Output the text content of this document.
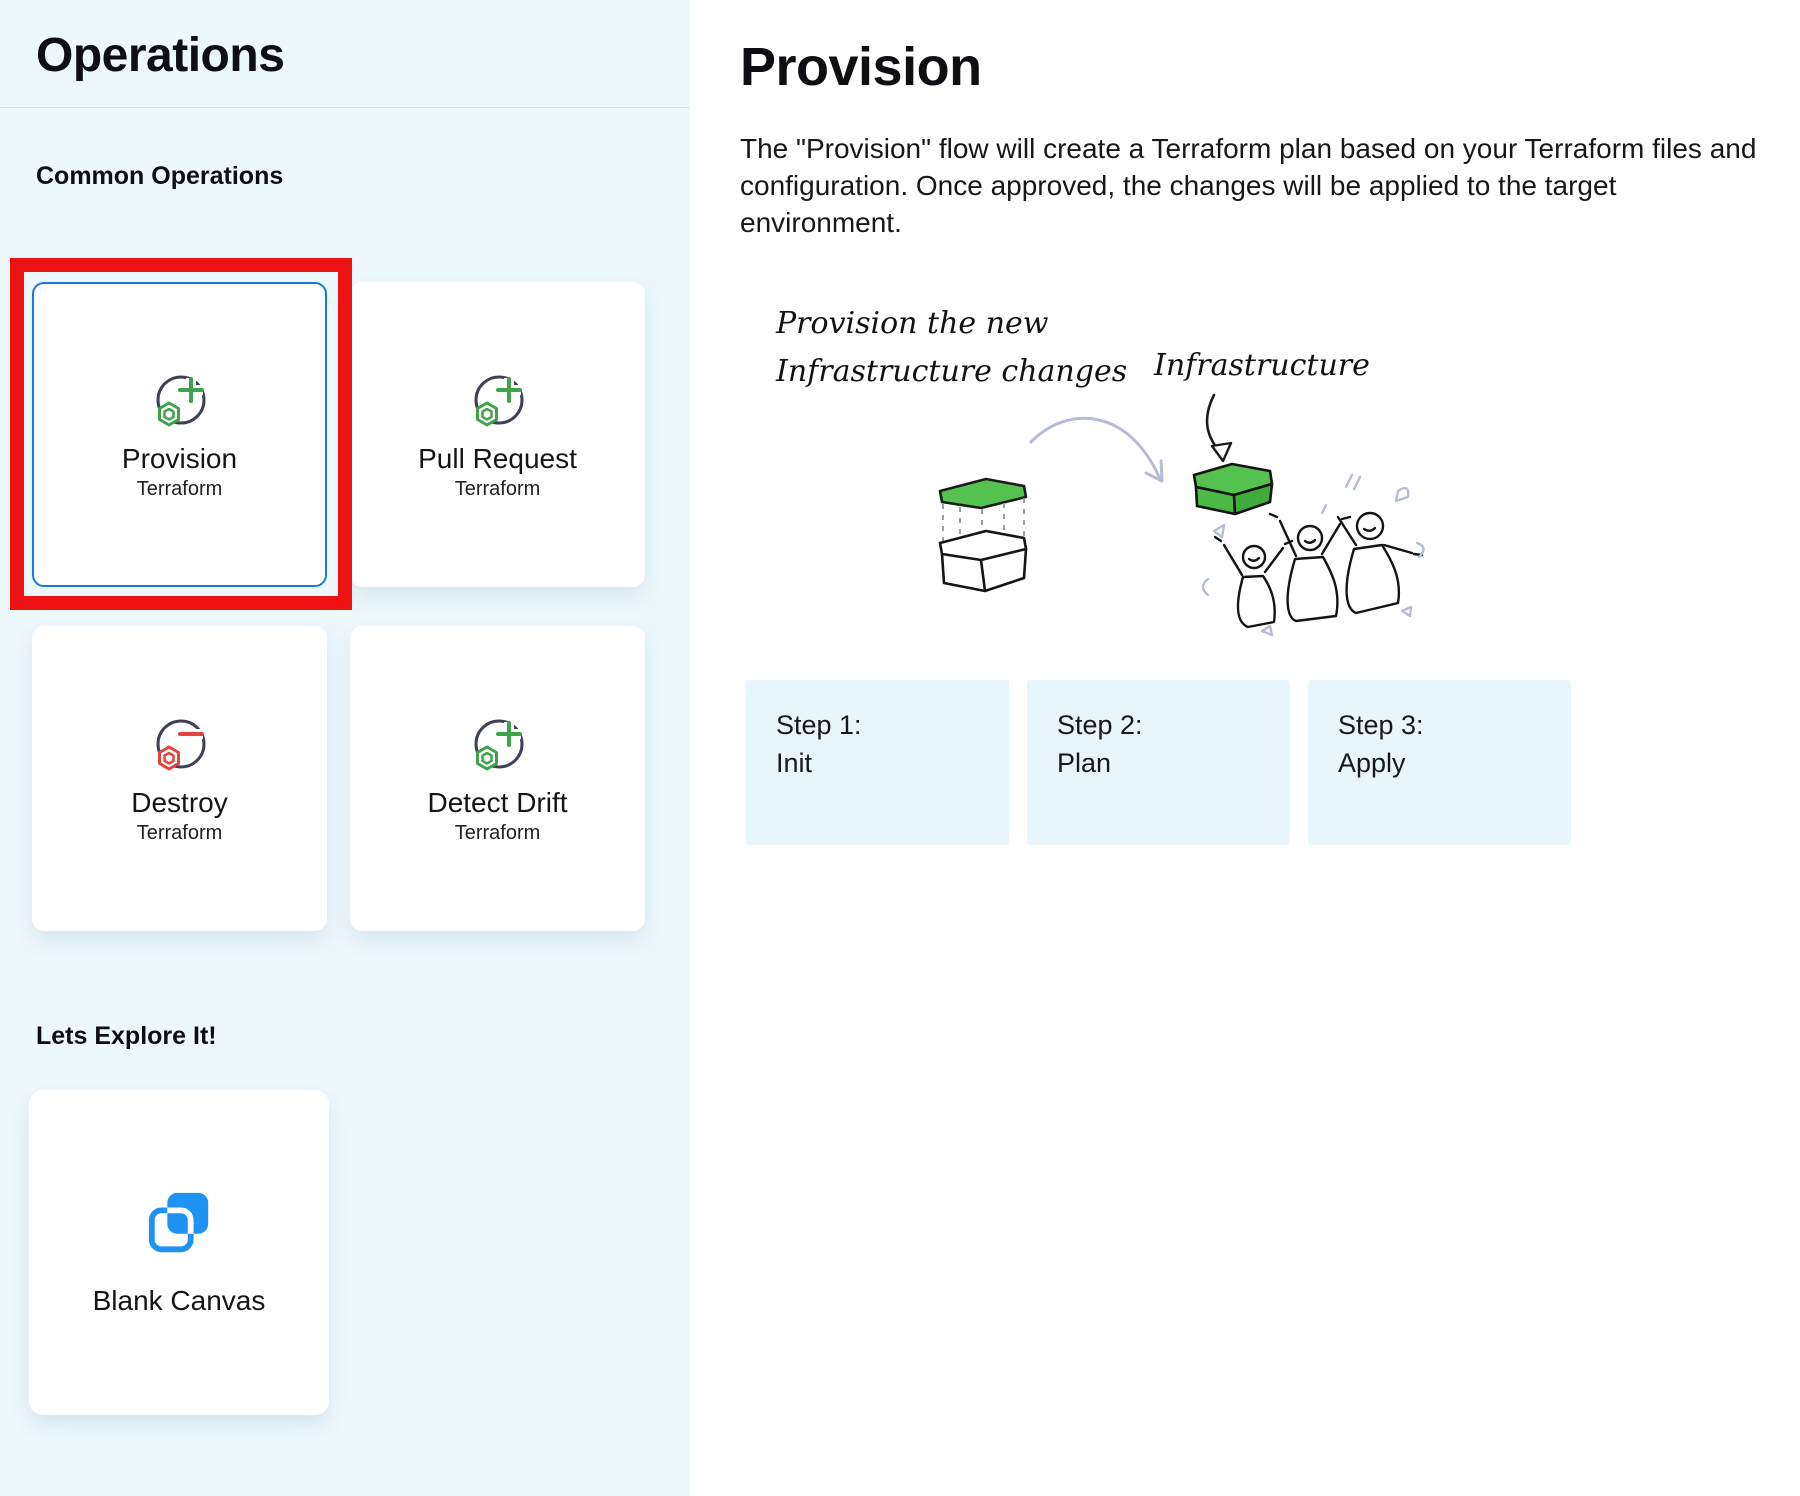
Operations
Common Operations
Provision
Terraform
Pull Request
Terraform
Destroy
Terraform
Detect Drift
Terraform
Lets Explore It!
Blank Canvas
Provision

The "Provision" flow will create a Terraform plan based on your Terraform files and configuration. Once approved, the changes will be applied to the target environment.

Provision the new
Infrastructure changes Infrastructure
Step 1:
Init
Step 2:
Plan
Step 3:
Apply
